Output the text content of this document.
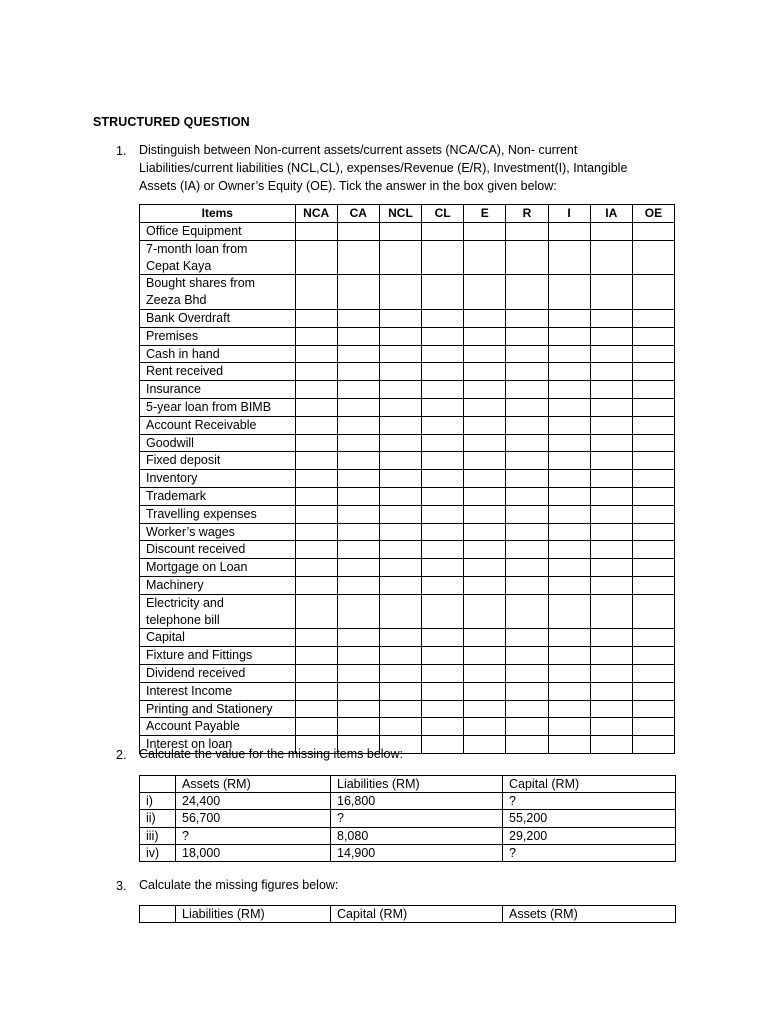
STRUCTURED QUESTION
1. Distinguish between Non-current assets/current assets (NCA/CA), Non- current
Liabilities/current liabilities (NCL,CL), expenses/Revenue (E/R), Investment(I), Intangible
Assets (IA) or Owner’s Equity (OE). Tick the answer in the box given below:
Items	NCA	CA	NCL	CL	E	R	I	IA	OE

Office Equipment									

7-month loan from
Cepat Kaya									

Bought shares from
Zeeza Bhd									

Bank Overdraft									

Premises									

Cash in hand									

Rent received									

Insurance									

5-year loan from BIMB									

Account Receivable									

Goodwill									

Fixed deposit									

Inventory									

Trademark									

Travelling expenses									

Worker’s wages									

Discount received									

Mortgage on Loan									

Machinery									

Electricity and
telephone bill									

Capital									

Fixture and Fittings									

Dividend received									

Interest Income									

Printing and Stationery									

Account Payable									

Interest on loan									

2. Calculate the value for the missing items below:
	Assets (RM)	Liabilities (RM)	Capital (RM)
i)	24,400	16,800	?
ii)	56,700	?	55,200
iii)	?	8,080	29,200
iv)	18,000	14,900	?
3. Calculate the missing figures below:
	Liabilities (RM)	Capital (RM)	Assets (RM)
